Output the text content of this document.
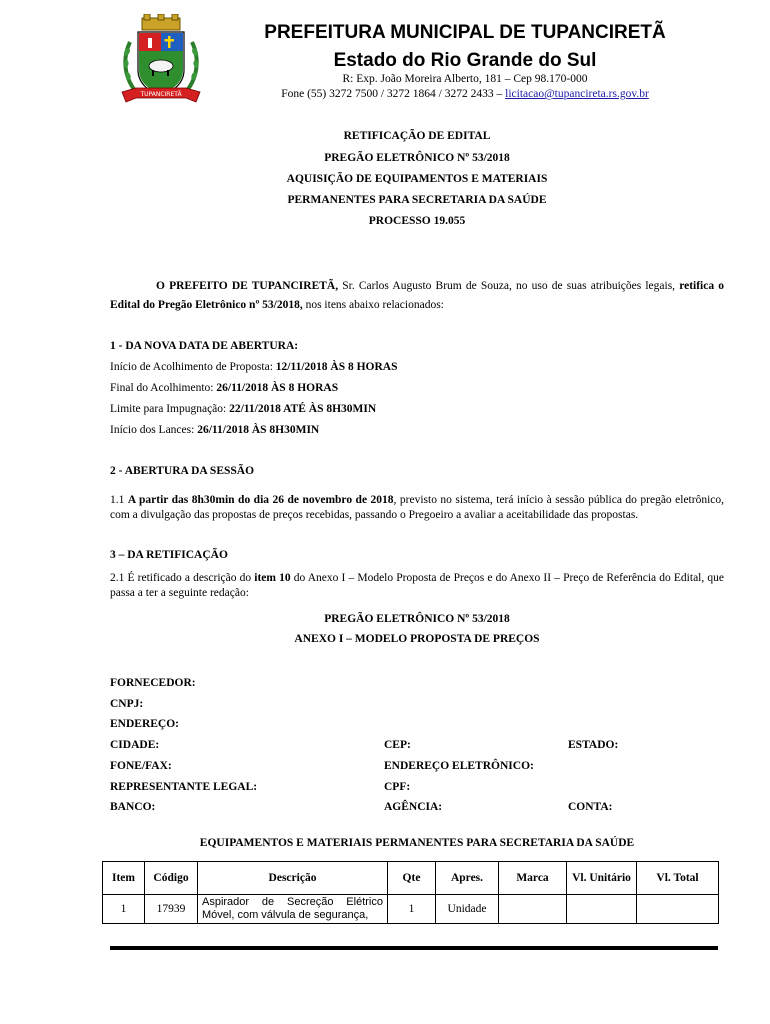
TUPANCIRETÃ
PREFEITURA MUNICIPAL DE TUPANCIRETÃ
Estado do Rio Grande do Sul
R: Exp. João Moreira Alberto, 181 – Cep 98.170-000
Fone (55) 3272 7500 / 3272 1864 / 3272 2433 – licitacao@tupancireta.rs.gov.br
RETIFICAÇÃO DE EDITAL
PREGÃO ELETRÔNICO Nº 53/2018
AQUISIÇÃO DE EQUIPAMENTOS E MATERIAIS
PERMANENTES PARA SECRETARIA DA SAÚDE
PROCESSO 19.055
O PREFEITO DE TUPANCIRETÃ, Sr. Carlos Augusto Brum de Souza, no uso de suas atribuições legais, retifica o Edital do Pregão Eletrônico nº 53/2018, nos itens abaixo relacionados:
1 - DA NOVA DATA DE ABERTURA:
Início de Acolhimento de Proposta: 12/11/2018 ÀS 8 HORAS
Final do Acolhimento: 26/11/2018 ÀS 8 HORAS
Limite para Impugnação: 22/11/2018 ATÉ ÀS 8H30MIN
Início dos Lances: 26/11/2018 ÀS 8H30MIN
2 - ABERTURA DA SESSÃO
1.1 A partir das 8h30min do dia 26 de novembro de 2018, previsto no sistema, terá início à sessão pública do pregão eletrônico, com a divulgação das propostas de preços recebidas, passando o Pregoeiro a avaliar a aceitabilidade das propostas.
3 – DA RETIFICAÇÃO
2.1 É retificado a descrição do item 10 do Anexo I – Modelo Proposta de Preços e do Anexo II – Preço de Referência do Edital, que passa a ter a seguinte redação:
PREGÃO ELETRÔNICO Nº 53/2018
ANEXO I – MODELO PROPOSTA DE PREÇOS
FORNECEDOR:
CNPJ:
ENDEREÇO:
CIDADE:	CEP:	ESTADO:
FONE/FAX:	ENDEREÇO ELETRÔNICO:
REPRESENTANTE LEGAL:	CPF:
BANCO:	AGÊNCIA:	CONTA:
EQUIPAMENTOS E MATERIAIS PERMANENTES PARA SECRETARIA DA SAÚDE
Item	Código	Descrição	Qte	Apres.	Marca	Vl. Unitário	Vl. Total
1	17939	Aspirador de Secreção Elétrico Móvel, com válvula de segurança,	1	Unidade			
